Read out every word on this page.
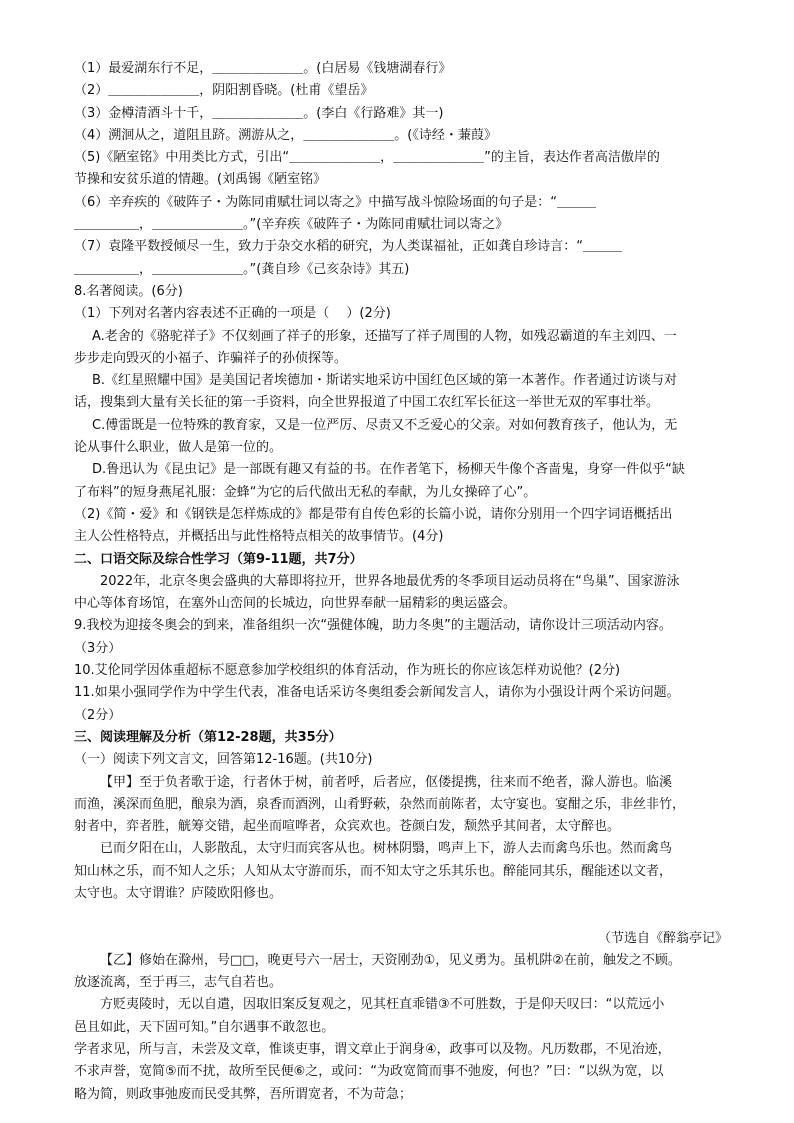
（1）最爱湖东行不足，＿＿＿＿＿＿＿。(白居易《钱塘湖春行》
（2）＿＿＿＿＿＿＿，阴阳割昏晓。(杜甫《望岳》
（3）金樽清酒斗十千，＿＿＿＿＿＿＿。(李白《行路难》其一)
（4）溯洄从之，道阻且跻。溯游从之，＿＿＿＿＿＿＿。(《诗经・蒹葭》
（5)《陋室铭》中用类比方式，引出“＿＿＿＿＿＿＿，＿＿＿＿＿＿＿”的主旨，表达作者高洁傲岸的
节操和安贫乐道的情趣。(刘禹锡《陋室铭》
（6）辛弃疾的《破阵子・为陈同甫赋壮词以寄之》中描写战斗惊险场面的句子是：“＿＿＿
＿＿＿＿＿，＿＿＿＿＿＿＿。”(辛弃疾《破阵子・为陈同甫赋壮词以寄之》
（7）袁隆平数授倾尽一生，致力于杂交水稻的研究，为人类谋福祉，正如龚自珍诗言：“＿＿＿
＿＿＿＿＿，＿＿＿＿＿＿＿。”(龚自珍《己亥杂诗》其五)
8.名著阅读。(6分)
（1）下列对名著内容表述不正确的一项是（　 ）(2分)
A.老舍的《骆驼祥子》不仅刻画了祥子的形象，还描写了祥子周围的人物，如残忍霸道的车主刘四、一
步步走向毁灭的小福子、诈骗祥子的孙侦探等。
B.《红星照耀中国》是美国记者埃德加・斯诺实地采访中国红色区域的第一本著作。作者通过访谈与对
话，搜集到大量有关长征的第一手资料，向全世界报道了中国工农红军长征这一举世无双的军事壮举。
C.傅雷既是一位特殊的教育家，又是一位严厉、尽责又不乏爱心的父亲。对如何教育孩子，他认为，无
论从事什么职业，做人是第一位的。
D.鲁迅认为《昆虫记》是一部既有趣又有益的书。在作者笔下，杨柳天牛像个吝啬鬼，身穿一件似乎“缺
了布料”的短身燕尾礼服：金蜂“为它的后代做出无私的奉献，为儿女操碎了心”。
（2)《简・爱》和《钢铁是怎样炼成的》都是带有自传色彩的长篇小说，请你分别用一个四字词语概括出
主人公性格特点，并概括出与此性格特点相关的故事情节。(4分)
二、口语交际及综合性学习（第9-11题，共7分）
2022年，北京冬奥会盛典的大幕即将拉开，世界各地最优秀的冬季项目运动员将在“鸟巢”、国家游泳
中心等体育场馆，在塞外山峦间的长城边，向世界奉献一届精彩的奥运盛会。
9.我校为迎接冬奥会的到来，准备组织一次“强健体魄，助力冬奥”的主题活动，请你设计三项活动内容。
（3分）
10.艾伦同学因体重超标不愿意参加学校组织的体育活动，作为班长的你应该怎样劝说他？(2分)
11.如果小强同学作为中学生代表，准备电话采访冬奥组委会新闻发言人，请你为小强设计两个采访问题。
（2分）
三、阅读理解及分析（第12-28题，共35分）
（一）阅读下列文言文，回答第12-16题。(共10分)
【甲】至于负者歌于途，行者休于树，前者呼，后者应，伛偻提携，往来而不绝者，滁人游也。临溪
而渔，溪深而鱼肥，酿泉为酒，泉香而酒洌，山肴野蔌，杂然而前陈者，太守宴也。宴酣之乐，非丝非竹，
射者中，弈者胜，觥筹交错，起坐而喧哗者，众宾欢也。苍颜白发，颓然乎其间者，太守醉也。
已而夕阳在山，人影散乱，太守归而宾客从也。树林阴翳，鸣声上下，游人去而禽鸟乐也。然而禽鸟
知山林之乐，而不知人之乐；人知从太守游而乐，而不知太守之乐其乐也。醉能同其乐，醒能述以文者，
太守也。太守谓谁？庐陵欧阳修也。
（节选自《醉翁亭记》
【乙】修始在滁州，号□□，晚更号六一居士，天资刚劲①，见义勇为。虽机阱②在前，触发之不顾。
放逐流离，至于再三，志气自若也。
方贬夷陵时，无以自遣，因取旧案反复观之，见其枉直乖错③不可胜数，于是仰天叹曰：“以荒远小
邑且如此，天下固可知。”自尔遇事不敢忽也。
学者求见，所与言，未尝及文章，惟谈吏事，谓文章止于润身④，政事可以及物。凡历数郡，不见治迹，
不求声誉，宽简⑤而不扰，故所至民便⑥之，或问：“为政宽简而事不弛废，何也？”曰：“以纵为宽，以
略为简，则政事弛废而民受其弊，吾所谓宽者，不为苛急；
